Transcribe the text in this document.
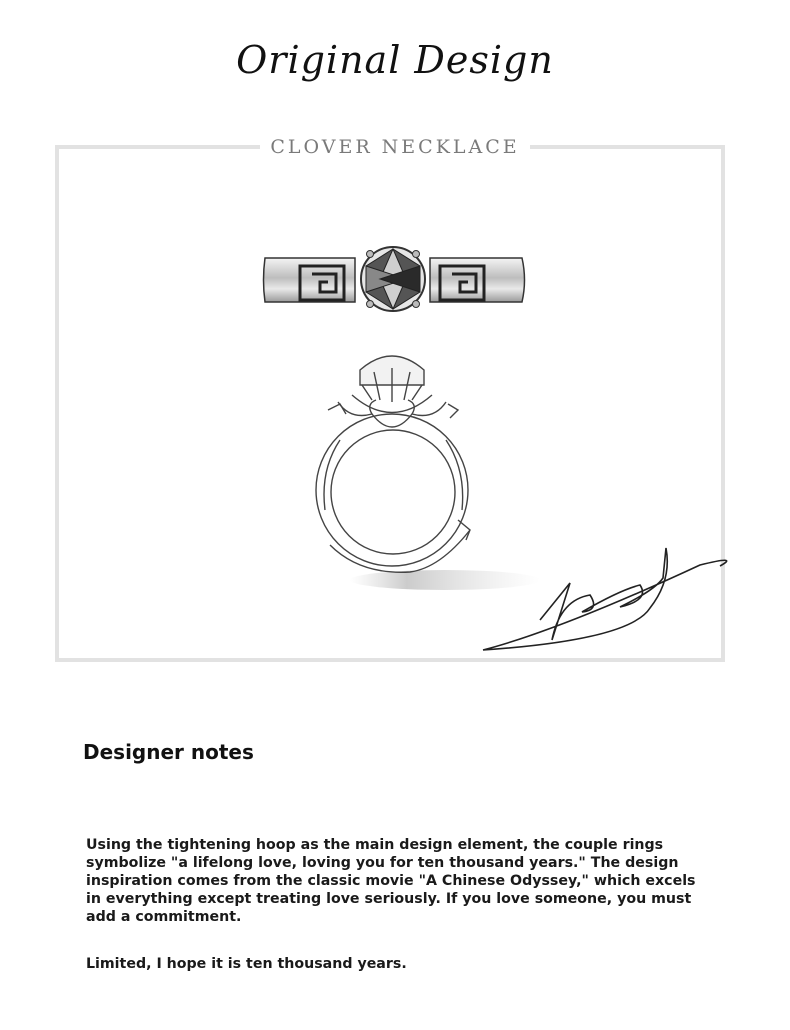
Original Design
CLOVER NECKLACE
Designer notes

Using the tightening hoop as the main design element, the couple rings symbolize "a lifelong love, loving you for ten thousand years." The design inspiration comes from the classic movie "A Chinese Odyssey," which excels in everything except treating love seriously. If you love someone, you must add a commitment.

Limited, I hope it is ten thousand years.
